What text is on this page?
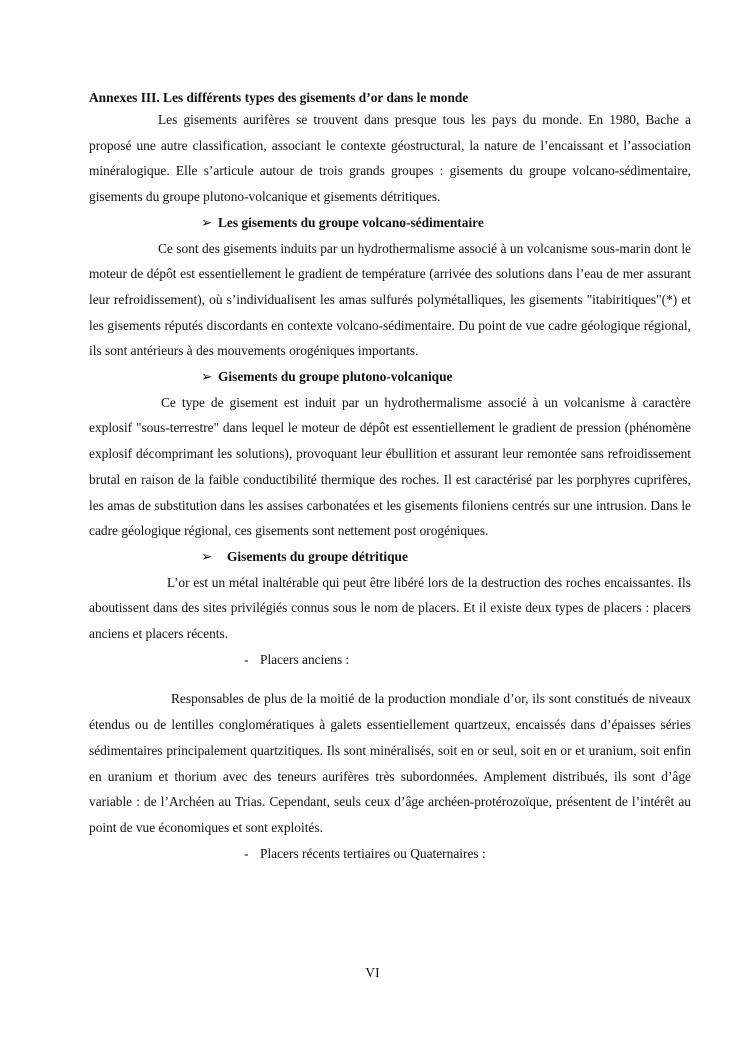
Annexes III. Les différents types des gisements d’or dans le monde

Les gisements aurifères se trouvent dans presque tous les pays du monde. En 1980, Bache a proposé une autre classification, associant le contexte géostructural, la nature de l’encaissant et l’association minéralogique. Elle s’articule autour de trois grands groupes : gisements du groupe volcano-sédimentaire, gisements du groupe plutono-volcanique et gisements détritiques.

➢ Les gisements du groupe volcano-sédimentaire

Ce sont des gisements induits par un hydrothermalisme associé à un volcanisme sous-marin dont le moteur de dépôt est essentiellement le gradient de température (arrivée des solutions dans l’eau de mer assurant leur refroidissement), où s’individualisent les amas sulfurés polymétalliques, les gisements "itabiritiques"(*) et les gisements réputés discordants en contexte volcano-sédimentaire. Du point de vue cadre géologique régional, ils sont antérieurs à des mouvements orogéniques importants.

➢ Gisements du groupe plutono-volcanique

Ce type de gisement est induit par un hydrothermalisme associé à un volcanisme à caractère explosif "sous-terrestre" dans lequel le moteur de dépôt est essentiellement le gradient de pression (phénomène explosif décomprimant les solutions), provoquant leur ébullition et assurant leur remontée sans refroidissement brutal en raison de la faible conductibilité thermique des roches. Il est caractérisé par les porphyres cuprifères, les amas de substitution dans les assises carbonatées et les gisements filoniens centrés sur une intrusion. Dans le cadre géologique régional, ces gisements sont nettement post orogéniques.

➢ Gisements du groupe détritique

L’or est un métal inaltérable qui peut être libéré lors de la destruction des roches encaissantes. Ils aboutissent dans des sites privilégiés connus sous le nom de placers. Et il existe deux types de placers : placers anciens et placers récents.

- Placers anciens :

Responsables de plus de la moitié de la production mondiale d’or, ils sont constitués de niveaux étendus ou de lentilles conglomératiques à galets essentiellement quartzeux, encaissés dans d’épaisses séries sédimentaires principalement quartzitiques. Ils sont minéralisés, soit en or seul, soit en or et uranium, soit enfin en uranium et thorium avec des teneurs aurifères très subordonnées. Amplement distribués, ils sont d’âge variable : de l’Archéen au Trias. Cependant, seuls ceux d’âge archéen-protérozoïque, présentent de l’intérêt au point de vue économiques et sont exploités.

- Placers récents tertiaires ou Quaternaires :
VI
